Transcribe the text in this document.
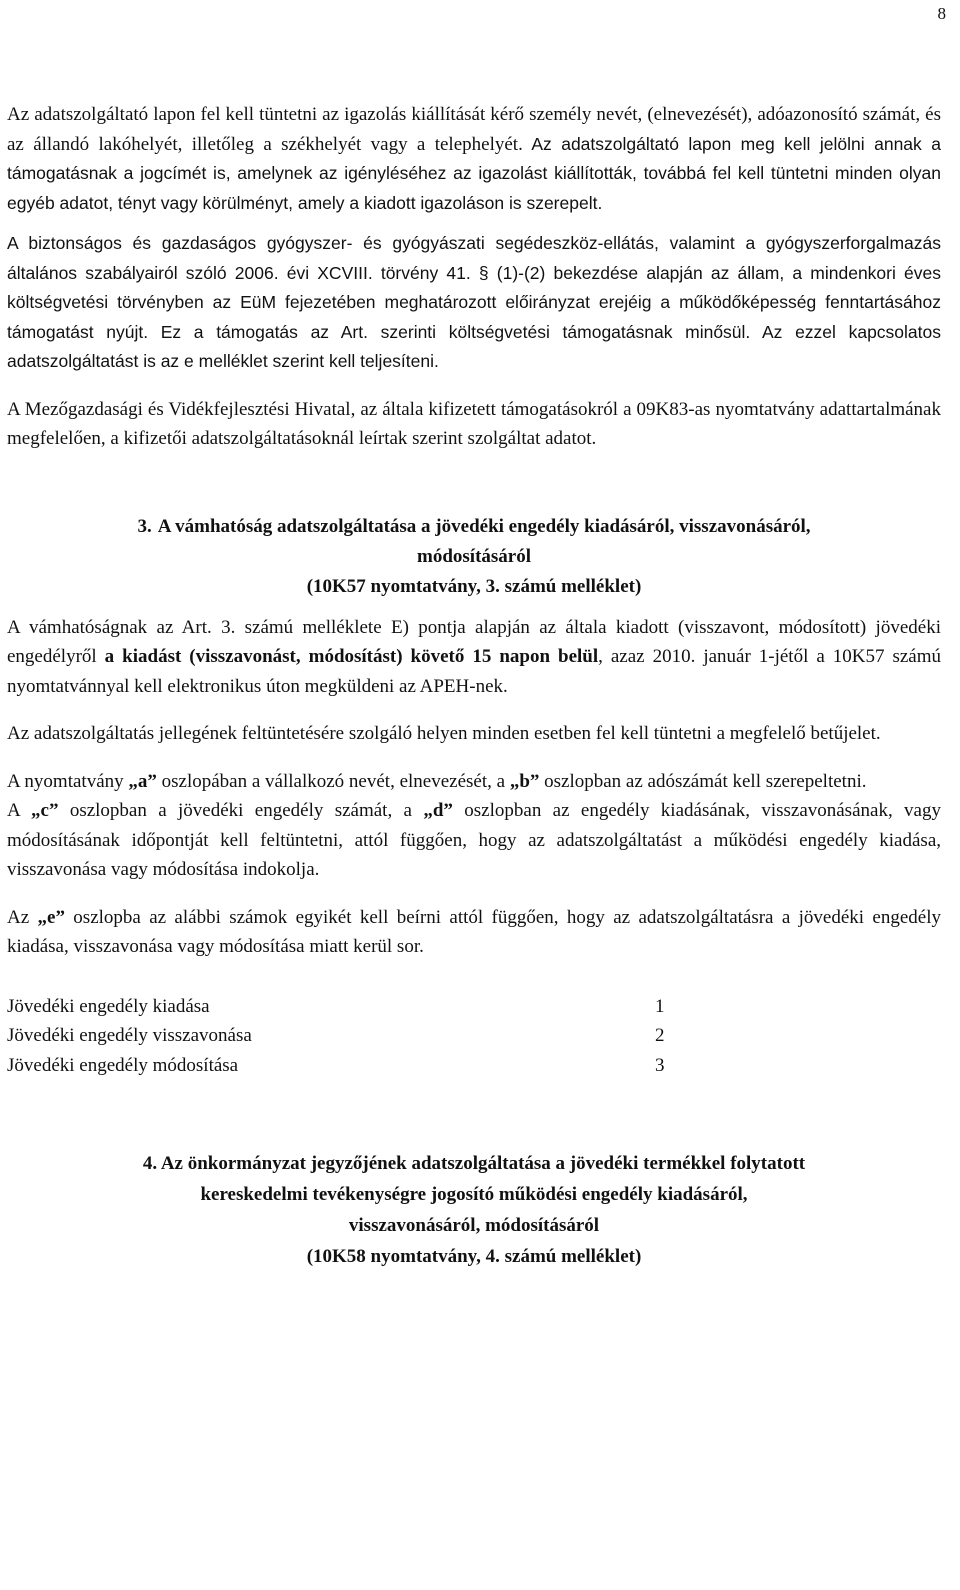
8

Az adatszolgáltató lapon fel kell tüntetni az igazolás kiállítását kérő személy nevét, (elnevezését), adóazonosító számát, és az állandó lakóhelyét, illetőleg a székhelyét vagy a telephelyét. Az adatszolgáltató lapon meg kell jelölni annak a támogatásnak a jogcímét is, amelynek az igényléséhez az igazolást kiállították, továbbá fel kell tüntetni minden olyan egyéb adatot, tényt vagy körülményt, amely a kiadott igazoláson is szerepelt.

A biztonságos és gazdaságos gyógyszer- és gyógyászati segédeszköz-ellátás, valamint a gyógyszerforgalmazás általános szabályairól szóló 2006. évi XCVIII. törvény 41. § (1)-(2) bekezdése alapján az állam, a mindenkori éves költségvetési törvényben az EüM fejezetében meghatározott előirányzat erejéig a működőképesség fenntartásához támogatást nyújt. Ez a támogatás az Art. szerinti költségvetési támogatásnak minősül. Az ezzel kapcsolatos adatszolgáltatást is az e melléklet szerint kell teljesíteni.

A Mezőgazdasági és Vidékfejlesztési Hivatal, az általa kifizetett támogatásokról a 09K83-as nyomtatvány adattartalmának megfelelően, a kifizetői adatszolgáltatásoknál leírtak szerint szolgáltat adatot.

3. A vámhatóság adatszolgáltatása a jövedéki engedély kiadásáról, visszavonásáról,

módosításáról

(10K57 nyomtatvány, 3. számú melléklet)

A vámhatóságnak az Art. 3. számú melléklete E) pontja alapján az általa kiadott (visszavont, módosított) jövedéki engedélyről a kiadást (visszavonást, módosítást) követő 15 napon belül, azaz 2010. január 1-jétől a 10K57 számú nyomtatvánnyal kell elektronikus úton megküldeni az APEH-nek.

Az adatszolgáltatás jellegének feltüntetésére szolgáló helyen minden esetben fel kell tüntetni a megfelelő betűjelet.

A nyomtatvány „a” oszlopában a vállalkozó nevét, elnevezését, a „b” oszlopban az adószámát kell szerepeltetni.

A „c” oszlopban a jövedéki engedély számát, a „d” oszlopban az engedély kiadásának, visszavonásának, vagy módosításának időpontját kell feltüntetni, attól függően, hogy az adatszolgáltatást a működési engedély kiadása, visszavonása vagy módosítása indokolja.

Az „e” oszlopba az alábbi számok egyikét kell beírni attól függően, hogy az adatszolgáltatásra a jövedéki engedély kiadása, visszavonása vagy módosítása miatt kerül sor.

Jövedéki engedély kiadása	1
Jövedéki engedély visszavonása	2
Jövedéki engedély módosítása	3

4. Az önkormányzat jegyzőjének adatszolgáltatása a jövedéki termékkel folytatott

kereskedelmi tevékenységre jogosító működési engedély kiadásáról,

visszavonásáról, módosításáról

(10K58 nyomtatvány, 4. számú melléklet)
